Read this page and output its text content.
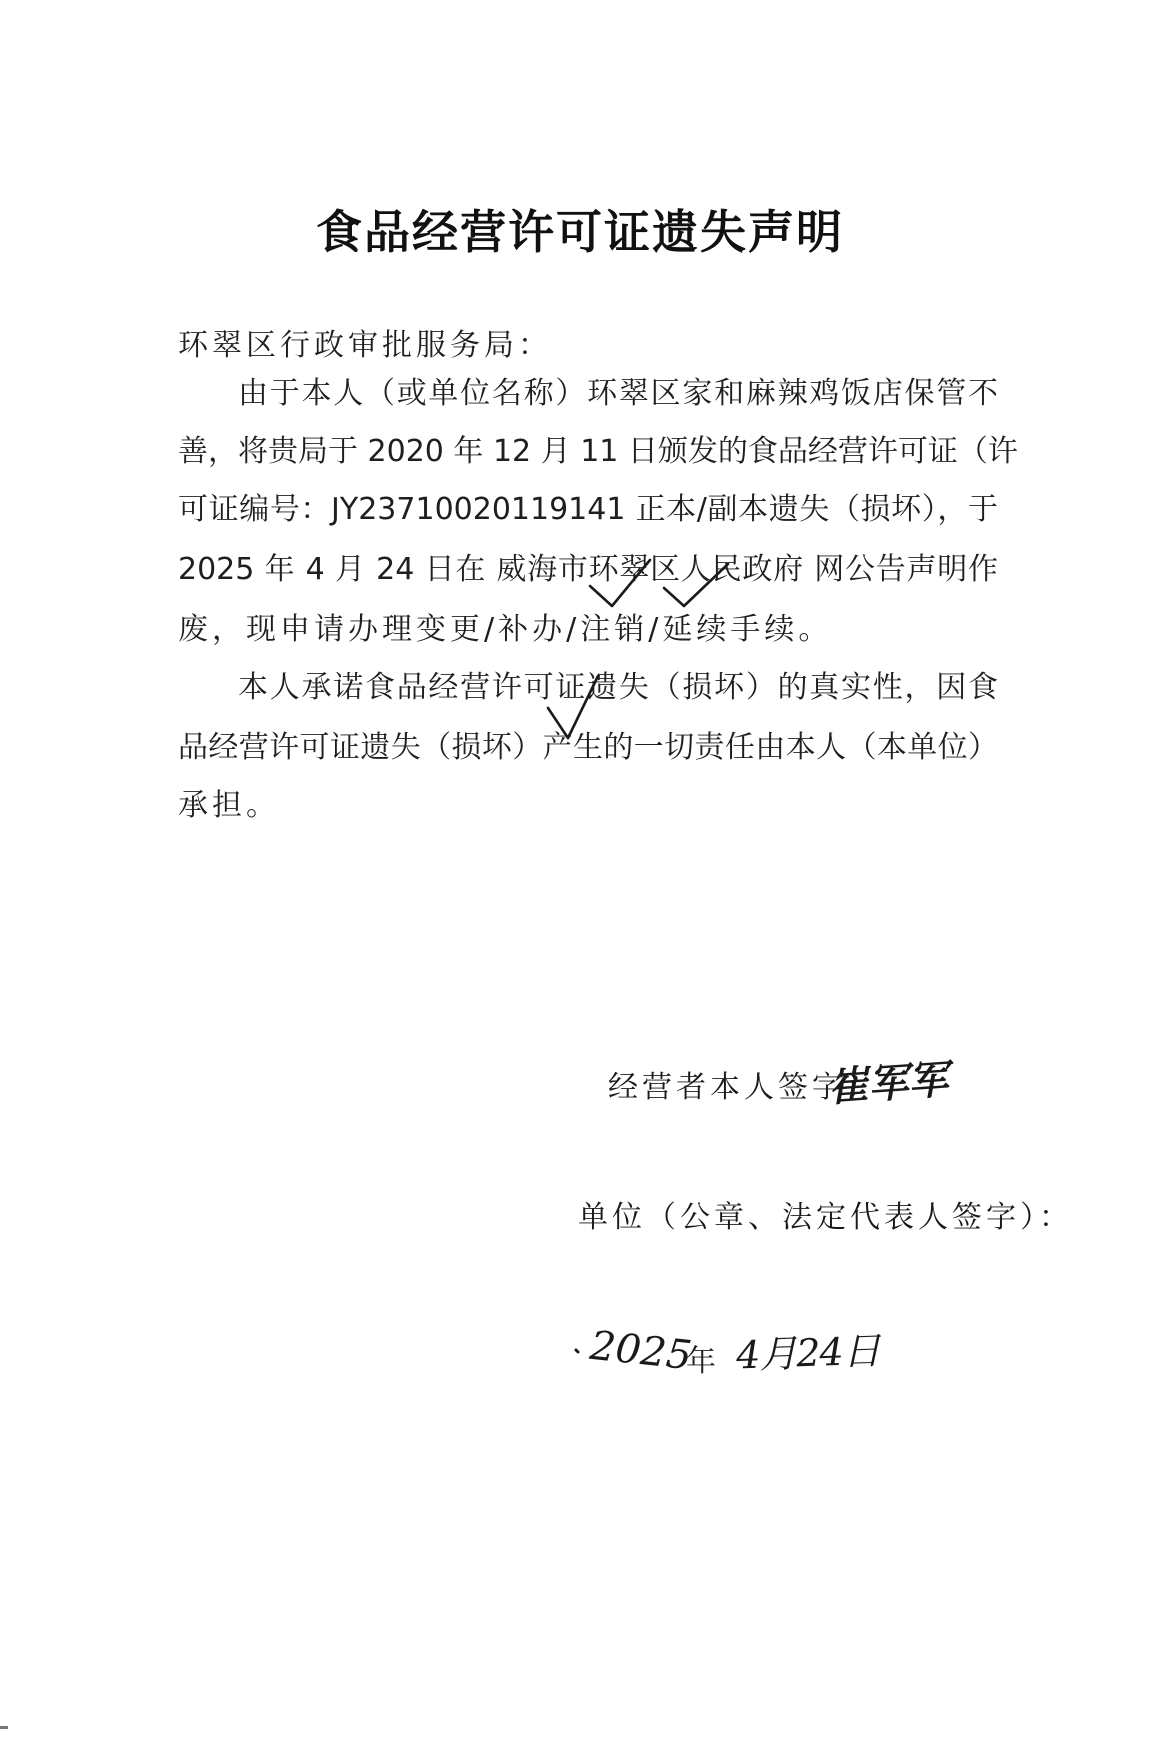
食品经营许可证遗失声明
环翠区行政审批服务局：
由于本人（或单位名称）环翠区家和麻辣鸡饭店保管不
善，将贵局于 2020 年 12 月 11 日颁发的食品经营许可证（许
可证编号：JY23710020119141 正本/副本遗失（损坏），于
2025 年 4 月 24 日在 威海市环翠区人民政府 网公告声明作
废，现申请办理变更/补办/注销/延续手续。
本人承诺食品经营许可证遗失（损坏）的真实性，因食
品经营许可证遗失（损坏）产生的一切责任由本人（本单位）
承担。
经营者本人签字：
崔军军
单位（公章、法定代表人签字）：
2025
年 4月24日
